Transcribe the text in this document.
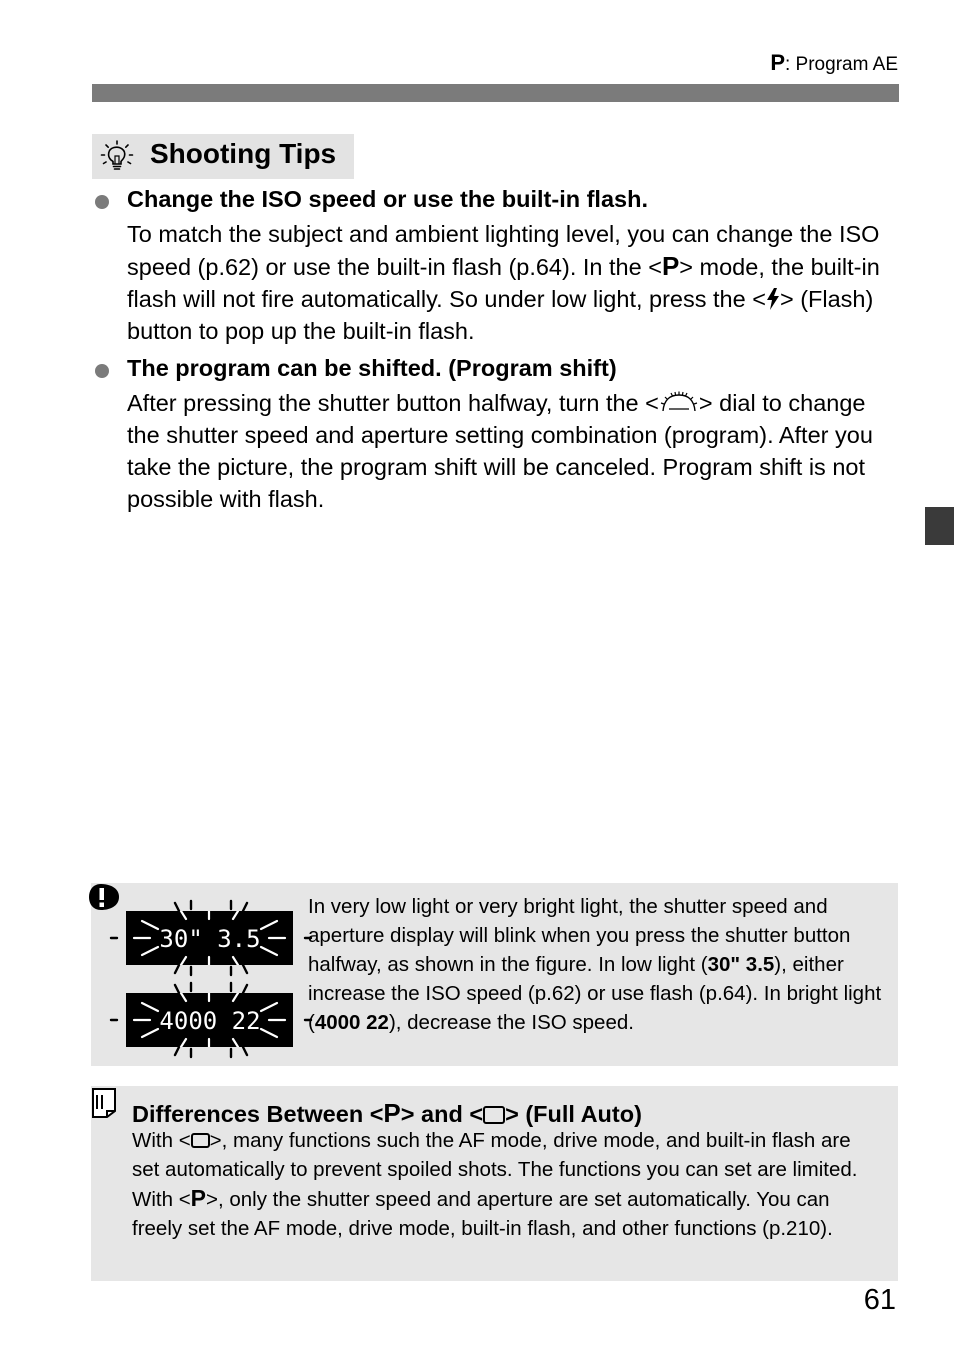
P: Program AE
Shooting Tips
Change the ISO speed or use the built-in flash.
To match the subject and ambient lighting level, you can change the ISO speed (p.62) or use the built-in flash (p.64). In the <P> mode, the built-in flash will not fire automatically. So under low light, press the < > (Flash) button to pop up the built-in flash.
The program can be shifted. (Program shift)
After pressing the shutter button halfway, turn the < > dial to change the shutter speed and aperture setting combination (program). After you take the picture, the program shift will be canceled. Program shift is not possible with flash.
30" 3.5
4000 22
In very low light or very bright light, the shutter speed and aperture display will blink when you press the shutter button halfway, as shown in the figure. In low light (30" 3.5), either increase the ISO speed (p.62) or use flash (p.64). In bright light (4000 22), decrease the ISO speed.
Differences Between <P> and < > (Full Auto)
With < >, many functions such the AF mode, drive mode, and built-in flash are set automatically to prevent spoiled shots. The functions you can set are limited. With <P>, only the shutter speed and aperture are set automatically. You can freely set the AF mode, drive mode, built-in flash, and other functions (p.210).
61
